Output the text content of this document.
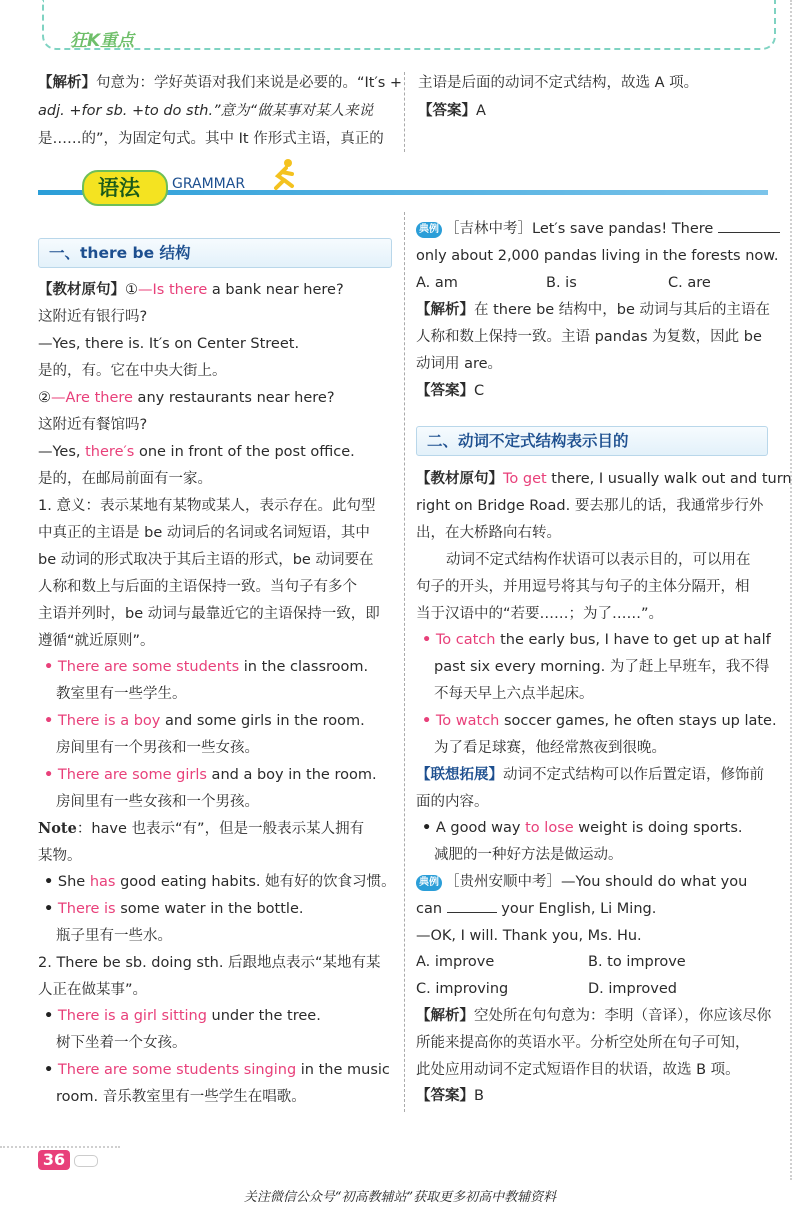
狂K重点
【解析】句意为：学好英语对我们来说是必要的。“It′s +
adj. +for sb. +to do sth.”意为“做某事对某人来说
是……的”，为固定句式。其中 It 作形式主语，真正的
主语是后面的动词不定式结构，故选 A 项。
【答案】A
语法 GRAMMAR
一、there be 结构
【教材原句】①—Is there a bank near here?
这附近有银行吗?
—Yes, there is. It′s on Center Street.
是的，有。它在中央大街上。
②—Are there any restaurants near here?
这附近有餐馆吗?
—Yes, there′s one in front of the post office.
是的，在邮局前面有一家。
1. 意义：表示某地有某物或某人，表示存在。此句型
中真正的主语是 be 动词后的名词或名词短语，其中
be 动词的形式取决于其后主语的形式，be 动词要在
人称和数上与后面的主语保持一致。当句子有多个
主语并列时，be 动词与最靠近它的主语保持一致，即
遵循“就近原则”。
• There are some students in the classroom.
教室里有一些学生。
• There is a boy and some girls in the room.
房间里有一个男孩和一些女孩。
• There are some girls and a boy in the room.
房间里有一些女孩和一个男孩。
Note：have 也表示“有”，但是一般表示某人拥有
某物。
• She has good eating habits. 她有好的饮食习惯。
• There is some water in the bottle.
瓶子里有一些水。
2. There be sb. doing sth. 后跟地点表示“某地有某
人正在做某事”。
• There is a girl sitting under the tree.
树下坐着一个女孩。
• There are some students singing in the music
room. 音乐教室里有一些学生在唱歌。
典例 ［吉林中考］Let′s save pandas! There
only about 2,000 pandas living in the forests now.
A. am	B. is	C. are
【解析】在 there be 结构中，be 动词与其后的主语在
人称和数上保持一致。主语 pandas 为复数，因此 be
动词用 are。
【答案】C
二、动词不定式结构表示目的
【教材原句】To get there, I usually walk out and turn
right on Bridge Road. 要去那儿的话，我通常步行外
出，在大桥路向右转。
动词不定式结构作状语可以表示目的，可以用在
句子的开头，并用逗号将其与句子的主体分隔开，相
当于汉语中的“若要……；为了……”。
• To catch the early bus, I have to get up at half
past six every morning. 为了赶上早班车，我不得
不每天早上六点半起床。
• To watch soccer games, he often stays up late.
为了看足球赛，他经常熬夜到很晚。
【联想拓展】动词不定式结构可以作后置定语，修饰前
面的内容。
• A good way to lose weight is doing sports.
减肥的一种好方法是做运动。
典例 ［贵州安顺中考］—You should do what you
can	your English, Li Ming.
—OK, I will. Thank you, Ms. Hu.
A. improve	B. to improve
C. improving	D. improved
【解析】空处所在句句意为：李明（音译），你应该尽你
所能来提高你的英语水平。分析空处所在句子可知，
此处应用动词不定式短语作目的状语，故选 B 项。
【答案】B
36
关注微信公众号“初高教辅站”获取更多初高中教辅资料
